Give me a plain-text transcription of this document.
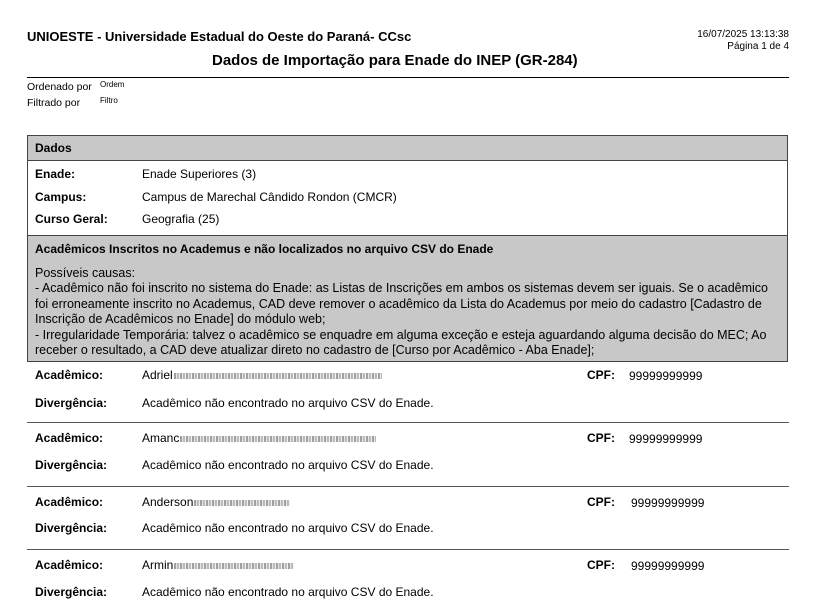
UNIOESTE - Universidade Estadual do Oeste do Paraná- CCsc	16/07/2025 13:13:38
Página 1 de 4
Dados de Importação para Enade do INEP (GR-284)
Ordenado por Ordem
Filtrado por Filtro
Dados
Enade:	Enade Superiores (3)
Campus:	Campus de Marechal Cândido Rondon (CMCR)
Curso Geral:	Geografia (25)
Acadêmicos Inscritos no Academus e não localizados no arquivo CSV do Enade

Possíveis causas:

- Acadêmico não foi inscrito no sistema do Enade: as Listas de Inscrições em ambos os sistemas devem ser iguais. Se o acadêmico foi erroneamente inscrito no Academus, CAD deve remover o acadêmico da Lista do Academus por meio do cadastro [Cadastro de Inscrição de Acadêmicos no Enade] do módulo web;

- Irregularidade Temporária: talvez o acadêmico se enquadre em alguma exceção e esteja aguardando alguma decisão do MEC; Ao receber o resultado, a CAD deve atualizar direto no cadastro de [Curso por Acadêmico - Aba Enade];

Acadêmico:	Adriel	CPF: 99999999999
Divergência:	Acadêmico não encontrado no arquivo CSV do Enade.
Acadêmico:	Amanc	CPF: 99999999999
Divergência:	Acadêmico não encontrado no arquivo CSV do Enade.
Acadêmico:	Anderson	CPF: 99999999999
Divergência:	Acadêmico não encontrado no arquivo CSV do Enade.
Acadêmico:	Armin	CPF: 99999999999
Divergência:	Acadêmico não encontrado no arquivo CSV do Enade.
